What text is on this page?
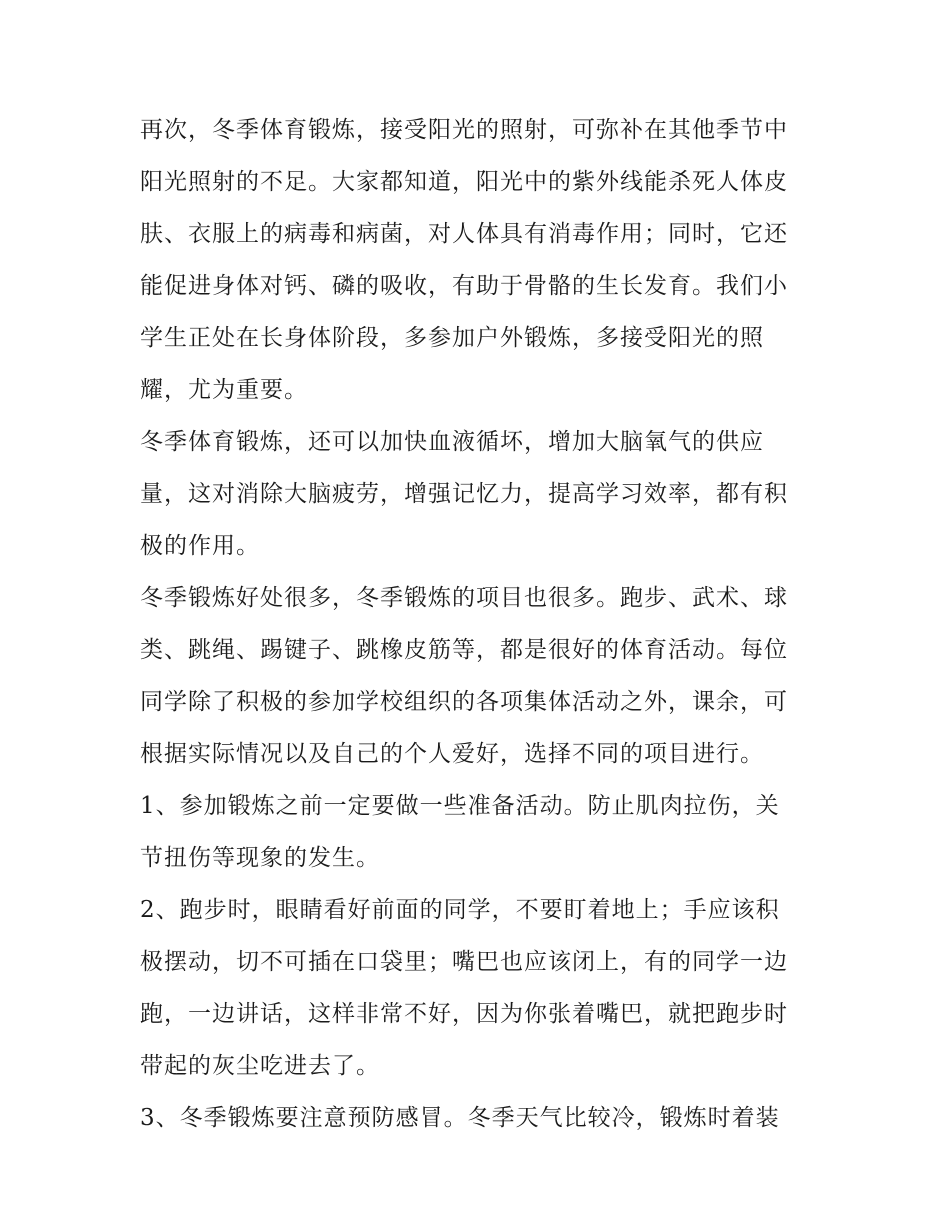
再次，冬季体育锻炼，接受阳光的照射，可弥补在其他季节中
阳光照射的不足。大家都知道，阳光中的紫外线能杀死人体皮
肤、衣服上的病毒和病菌，对人体具有消毒作用；同时，它还
能促进身体对钙、磷的吸收，有助于骨骼的生长发育。我们小
学生正处在长身体阶段，多参加户外锻炼，多接受阳光的照
耀，尤为重要。

冬季体育锻炼，还可以加快血液循坏，增加大脑氧气的供应
量，这对消除大脑疲劳，增强记忆力，提高学习效率，都有积
极的作用。

冬季锻炼好处很多，冬季锻炼的项目也很多。跑步、武术、球
类、跳绳、踢键子、跳橡皮筋等，都是很好的体育活动。每位
同学除了积极的参加学校组织的各项集体活动之外，课余，可
根据实际情况以及自己的个人爱好，选择不同的项目进行。

1、参加锻炼之前一定要做一些准备活动。防止肌肉拉伤，关
节扭伤等现象的发生。

2、跑步时，眼睛看好前面的同学，不要盯着地上；手应该积
极摆动，切不可插在口袋里；嘴巴也应该闭上，有的同学一边
跑，一边讲话，这样非常不好，因为你张着嘴巴，就把跑步时
带起的灰尘吃进去了。

3、冬季锻炼要注意预防感冒。冬季天气比较冷，锻炼时着装
